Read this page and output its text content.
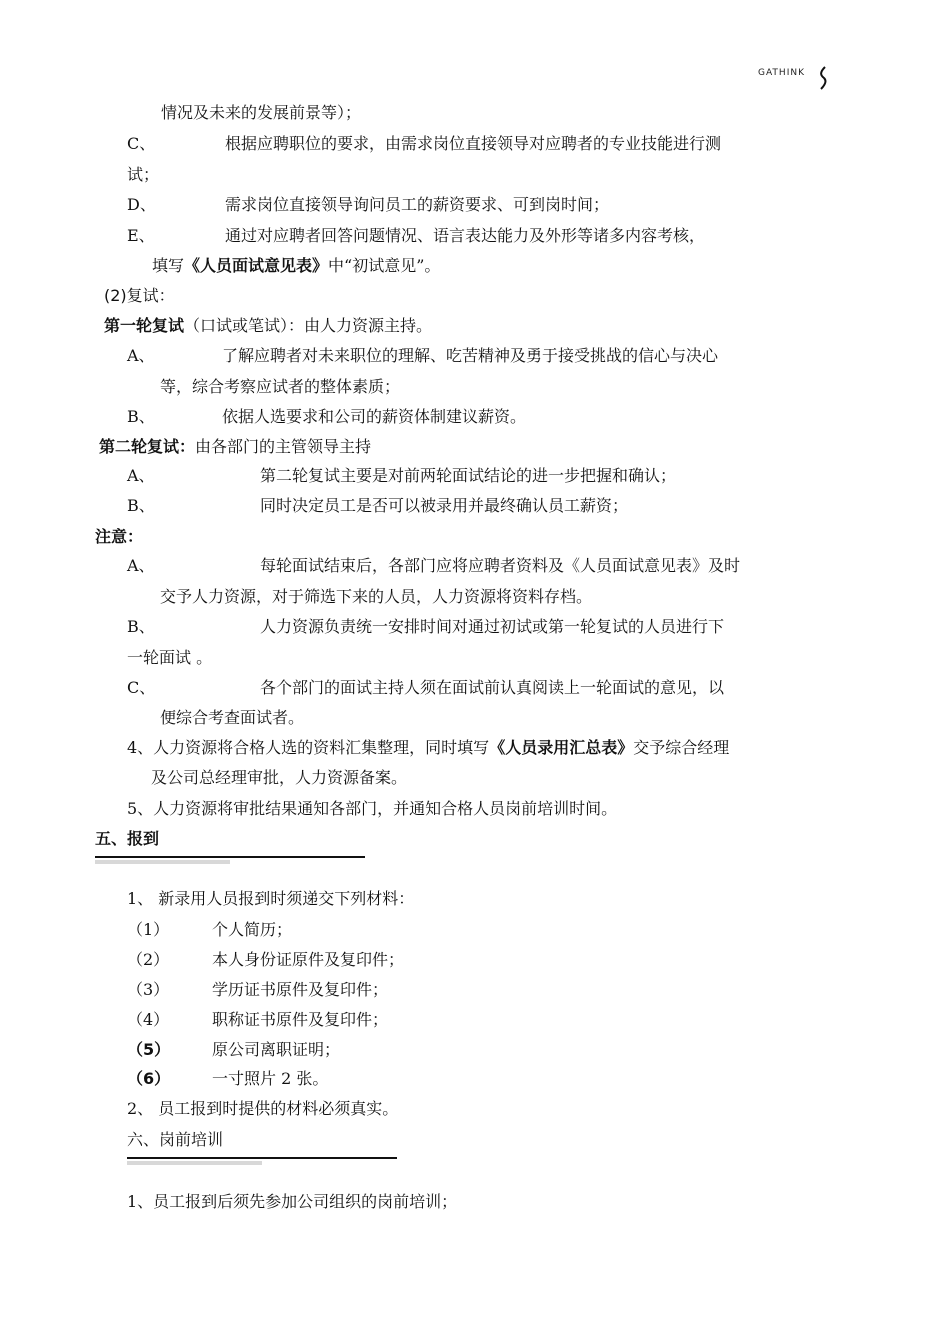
GATHINK
情况及未来的发展前景等）；
C、	根据应聘职位的要求，由需求岗位直接领导对应聘者的专业技能进行测
试；
D、	需求岗位直接领导询问员工的薪资要求、可到岗时间；
E、	通过对应聘者回答问题情况、语言表达能力及外形等诸多内容考核，
填写《人员面试意见表》中“初试意见”。
(2)复试：
第一轮复试（口试或笔试）：由人力资源主持。
A、	了解应聘者对未来职位的理解、吃苦精神及勇于接受挑战的信心与决心
等，综合考察应试者的整体素质；
B、	依据人选要求和公司的薪资体制建议薪资。
第二轮复试：由各部门的主管领导主持
A、	第二轮复试主要是对前两轮面试结论的进一步把握和确认；
B、	同时决定员工是否可以被录用并最终确认员工薪资；
注意：
A、	每轮面试结束后，各部门应将应聘者资料及《人员面试意见表》及时
交予人力资源，对于筛选下来的人员，人力资源将资料存档。
B、	人力资源负责统一安排时间对通过初试或第一轮复试的人员进行下
一轮面试 。
C、	各个部门的面试主持人须在面试前认真阅读上一轮面试的意见，以
便综合考查面试者。
4、人力资源将合格人选的资料汇集整理，同时填写《人员录用汇总表》交予综合经理
及公司总经理审批，人力资源备案。
5、人力资源将审批结果通知各部门，并通知合格人员岗前培训时间。
五、报到
1、 新录用人员报到时须递交下列材料：
（1）	个人简历；
（2）	本人身份证原件及复印件；
（3）	学历证书原件及复印件；
（4）	职称证书原件及复印件；
（5）	原公司离职证明；
（6）	一寸照片 2 张。
2、 员工报到时提供的材料必须真实。
六、岗前培训
1、员工报到后须先参加公司组织的岗前培训；
